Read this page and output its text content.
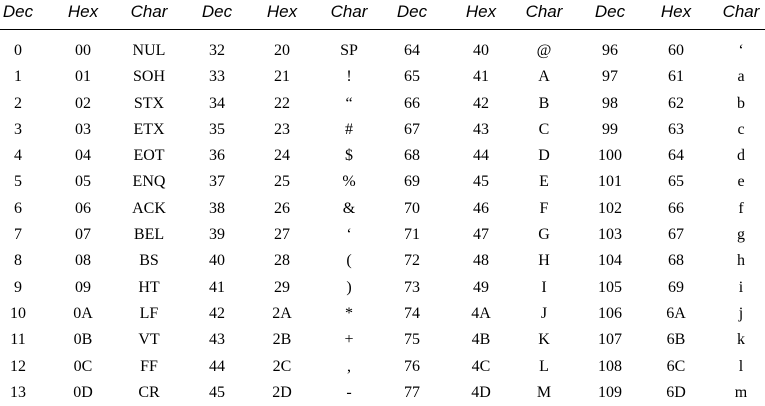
Dec	Hex	Char	Dec	Hex	Char	Dec	Hex	Char	Dec	Hex	Char
0	00	NUL	32	20	SP	64	40	@	96	60	‘
1	01	SOH	33	21	!	65	41	A	97	61	a
2	02	STX	34	22	“	66	42	B	98	62	b
3	03	ETX	35	23	#	67	43	C	99	63	c
4	04	EOT	36	24	$	68	44	D	100	64	d
5	05	ENQ	37	25	%	69	45	E	101	65	e
6	06	ACK	38	26	&	70	46	F	102	66	f
7	07	BEL	39	27	‘	71	47	G	103	67	g
8	08	BS	40	28	(	72	48	H	104	68	h
9	09	HT	41	29	)	73	49	I	105	69	i
10	0A	LF	42	2A	*	74	4A	J	106	6A	j
11	0B	VT	43	2B	+	75	4B	K	107	6B	k
12	0C	FF	44	2C	,	76	4C	L	108	6C	l
13	0D	CR	45	2D	-	77	4D	M	109	6D	m
